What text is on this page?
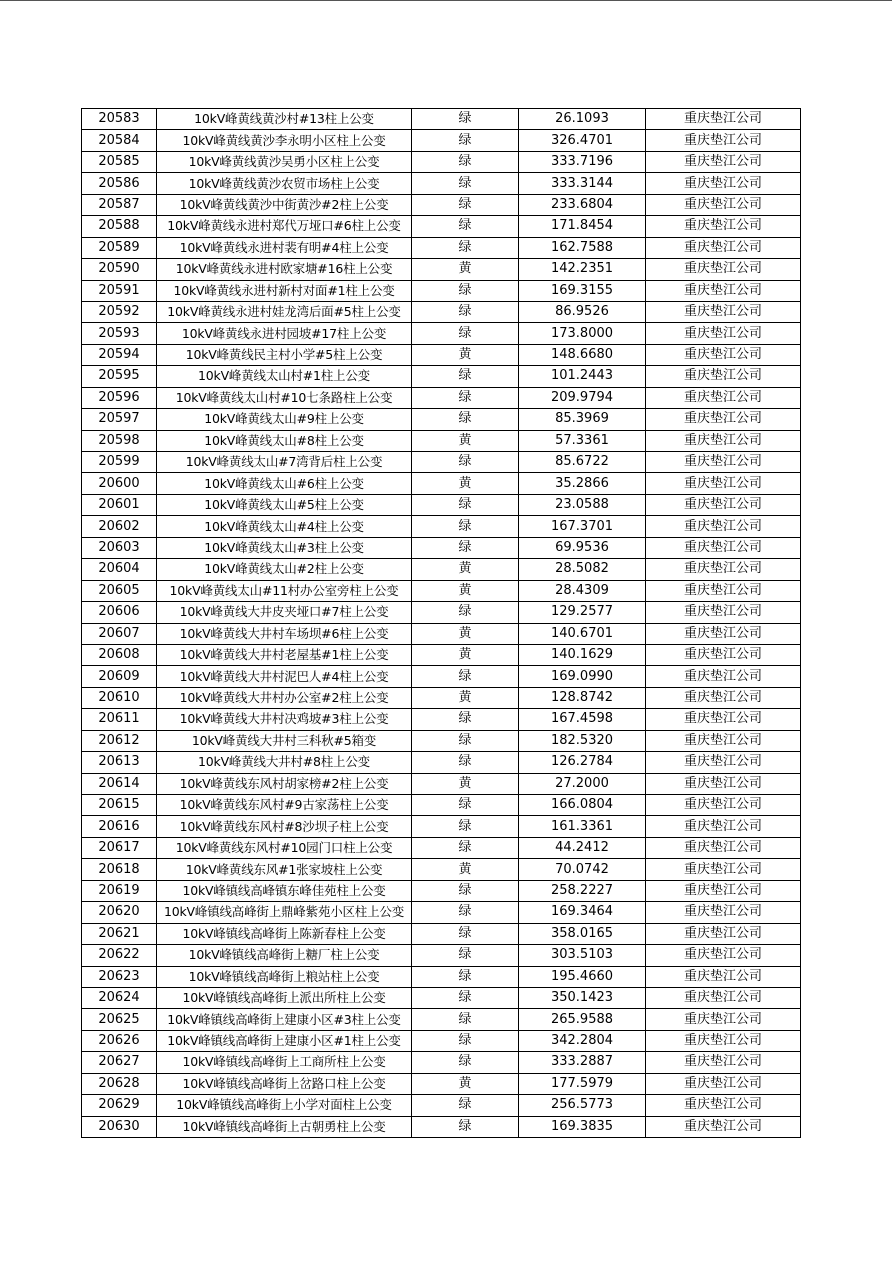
20583	10kV峰黄线黄沙村#13柱上公变	绿	26.1093	重庆垫江公司
20584	10kV峰黄线黄沙李永明小区柱上公变	绿	326.4701	重庆垫江公司
20585	10kV峰黄线黄沙吴勇小区柱上公变	绿	333.7196	重庆垫江公司
20586	10kV峰黄线黄沙农贸市场柱上公变	绿	333.3144	重庆垫江公司
20587	10kV峰黄线黄沙中街黄沙#2柱上公变	绿	233.6804	重庆垫江公司
20588	10kV峰黄线永进村郑代万垭口#6柱上公变	绿	171.8454	重庆垫江公司
20589	10kV峰黄线永进村裴有明#4柱上公变	绿	162.7588	重庆垫江公司
20590	10kV峰黄线永进村欧家塘#16柱上公变	黄	142.2351	重庆垫江公司
20591	10kV峰黄线永进村新村对面#1柱上公变	绿	169.3155	重庆垫江公司
20592	10kV峰黄线永进村娃龙湾后面#5柱上公变	绿	86.9526	重庆垫江公司
20593	10kV峰黄线永进村园坡#17柱上公变	绿	173.8000	重庆垫江公司
20594	10kV峰黄线民主村小学#5柱上公变	黄	148.6680	重庆垫江公司
20595	10kV峰黄线太山村#1柱上公变	绿	101.2443	重庆垫江公司
20596	10kV峰黄线太山村#10七条路柱上公变	绿	209.9794	重庆垫江公司
20597	10kV峰黄线太山#9柱上公变	绿	85.3969	重庆垫江公司
20598	10kV峰黄线太山#8柱上公变	黄	57.3361	重庆垫江公司
20599	10kV峰黄线太山#7湾背后柱上公变	绿	85.6722	重庆垫江公司
20600	10kV峰黄线太山#6柱上公变	黄	35.2866	重庆垫江公司
20601	10kV峰黄线太山#5柱上公变	绿	23.0588	重庆垫江公司
20602	10kV峰黄线太山#4柱上公变	绿	167.3701	重庆垫江公司
20603	10kV峰黄线太山#3柱上公变	绿	69.9536	重庆垫江公司
20604	10kV峰黄线太山#2柱上公变	黄	28.5082	重庆垫江公司
20605	10kV峰黄线太山#11村办公室旁柱上公变	黄	28.4309	重庆垫江公司
20606	10kV峰黄线大井皮夹垭口#7柱上公变	绿	129.2577	重庆垫江公司
20607	10kV峰黄线大井村车场坝#6柱上公变	黄	140.6701	重庆垫江公司
20608	10kV峰黄线大井村老屋基#1柱上公变	黄	140.1629	重庆垫江公司
20609	10kV峰黄线大井村泥巴人#4柱上公变	绿	169.0990	重庆垫江公司
20610	10kV峰黄线大井村办公室#2柱上公变	黄	128.8742	重庆垫江公司
20611	10kV峰黄线大井村决鸡坡#3柱上公变	绿	167.4598	重庆垫江公司
20612	10kV峰黄线大井村三科秋#5箱变	绿	182.5320	重庆垫江公司
20613	10kV峰黄线大井村#8柱上公变	绿	126.2784	重庆垫江公司
20614	10kV峰黄线东风村胡家榜#2柱上公变	黄	27.2000	重庆垫江公司
20615	10kV峰黄线东风村#9古家荡柱上公变	绿	166.0804	重庆垫江公司
20616	10kV峰黄线东风村#8沙坝子柱上公变	绿	161.3361	重庆垫江公司
20617	10kV峰黄线东风村#10园门口柱上公变	绿	44.2412	重庆垫江公司
20618	10kV峰黄线东风#1张家坡柱上公变	黄	70.0742	重庆垫江公司
20619	10kV峰镇线高峰镇东峰佳苑柱上公变	绿	258.2227	重庆垫江公司
20620	10kV峰镇线高峰街上鼎峰紫苑小区柱上公变	绿	169.3464	重庆垫江公司
20621	10kV峰镇线高峰街上陈新春柱上公变	绿	358.0165	重庆垫江公司
20622	10kV峰镇线高峰街上糖厂柱上公变	绿	303.5103	重庆垫江公司
20623	10kV峰镇线高峰街上粮站柱上公变	绿	195.4660	重庆垫江公司
20624	10kV峰镇线高峰街上派出所柱上公变	绿	350.1423	重庆垫江公司
20625	10kV峰镇线高峰街上建康小区#3柱上公变	绿	265.9588	重庆垫江公司
20626	10kV峰镇线高峰街上建康小区#1柱上公变	绿	342.2804	重庆垫江公司
20627	10kV峰镇线高峰街上工商所柱上公变	绿	333.2887	重庆垫江公司
20628	10kV峰镇线高峰街上岔路口柱上公变	黄	177.5979	重庆垫江公司
20629	10kV峰镇线高峰街上小学对面柱上公变	绿	256.5773	重庆垫江公司
20630	10kV峰镇线高峰街上古朝勇柱上公变	绿	169.3835	重庆垫江公司
